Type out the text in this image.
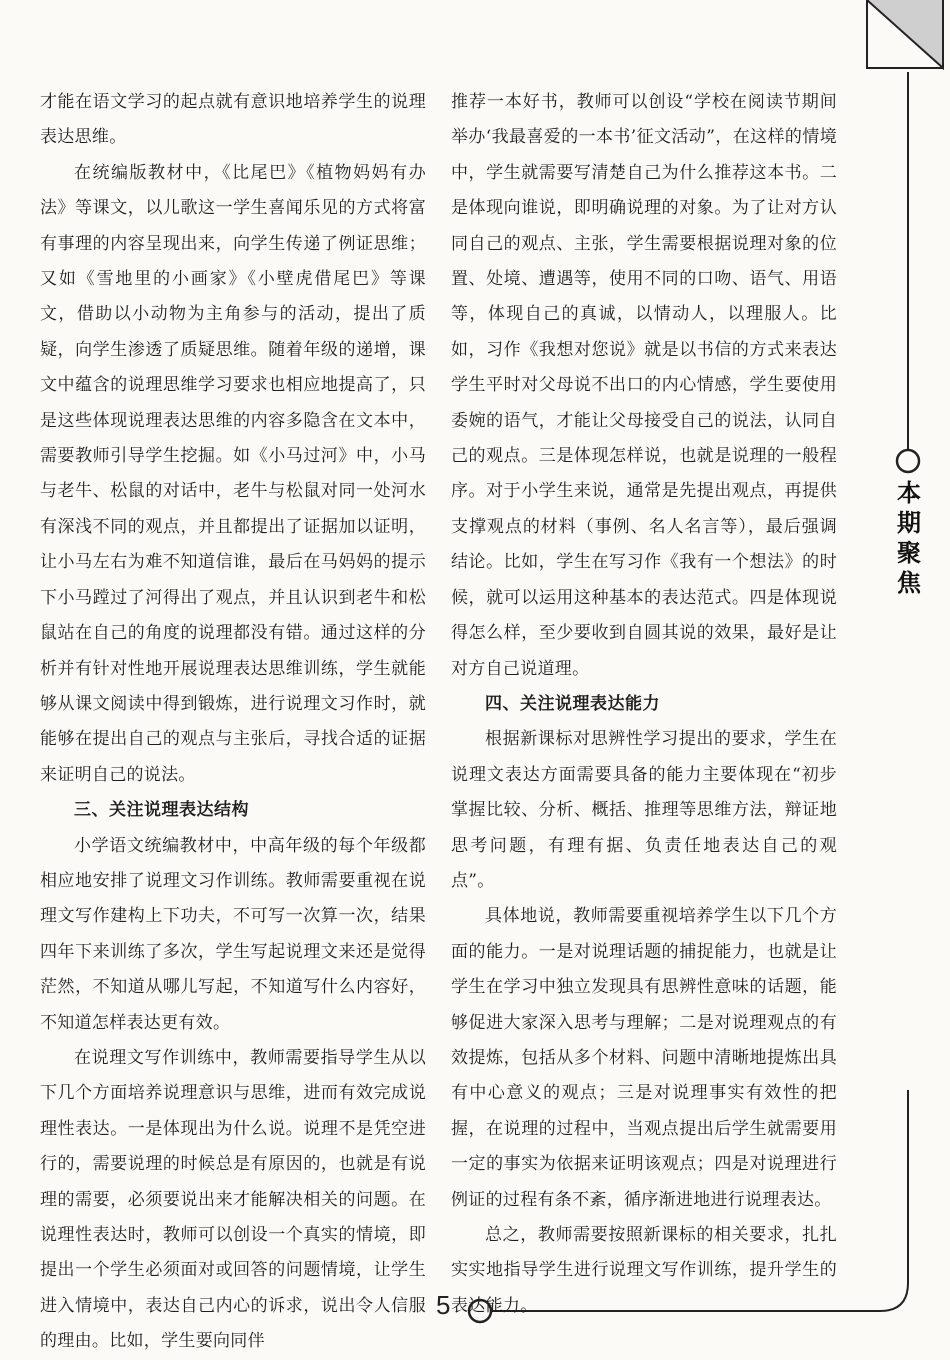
本
期
聚
焦

才能在语文学习的起点就有意识地培养学生的说理表达思维。

在统编版教材中，《比尾巴》《植物妈妈有办法》等课文，以儿歌这一学生喜闻乐见的方式将富有事理的内容呈现出来，向学生传递了例证思维；又如《雪地里的小画家》《小壁虎借尾巴》等课文，借助以小动物为主角参与的活动，提出了质疑，向学生渗透了质疑思维。随着年级的递增，课文中蕴含的说理思维学习要求也相应地提高了，只是这些体现说理表达思维的内容多隐含在文本中，需要教师引导学生挖掘。如《小马过河》中，小马与老牛、松鼠的对话中，老牛与松鼠对同一处河水有深浅不同的观点，并且都提出了证据加以证明，让小马左右为难不知道信谁，最后在马妈妈的提示下小马蹚过了河得出了观点，并且认识到老牛和松鼠站在自己的角度的说理都没有错。通过这样的分析并有针对性地开展说理表达思维训练，学生就能够从课文阅读中得到锻炼，进行说理文习作时，就能够在提出自己的观点与主张后，寻找合适的证据来证明自己的说法。

三、关注说理表达结构

小学语文统编教材中，中高年级的每个年级都相应地安排了说理文习作训练。教师需要重视在说理文写作建构上下功夫，不可写一次算一次，结果四年下来训练了多次，学生写起说理文来还是觉得茫然，不知道从哪儿写起，不知道写什么内容好，不知道怎样表达更有效。

在说理文写作训练中，教师需要指导学生从以下几个方面培养说理意识与思维，进而有效完成说理性表达。一是体现出为什么说。说理不是凭空进行的，需要说理的时候总是有原因的，也就是有说理的需要，必须要说出来才能解决相关的问题。在说理性表达时，教师可以创设一个真实的情境，即提出一个学生必须面对或回答的问题情境，让学生进入情境中，表达自己内心的诉求，说出令人信服的理由。比如，学生要向同伴

推荐一本好书，教师可以创设“学校在阅读节期间举办‘我最喜爱的一本书’征文活动”，在这样的情境中，学生就需要写清楚自己为什么推荐这本书。二是体现向谁说，即明确说理的对象。为了让对方认同自己的观点、主张，学生需要根据说理对象的位置、处境、遭遇等，使用不同的口吻、语气、用语等，体现自己的真诚，以情动人，以理服人。比如，习作《我想对您说》就是以书信的方式来表达学生平时对父母说不出口的内心情感，学生要使用委婉的语气，才能让父母接受自己的说法，认同自己的观点。三是体现怎样说，也就是说理的一般程序。对于小学生来说，通常是先提出观点，再提供支撑观点的材料（事例、名人名言等），最后强调结论。比如，学生在写习作《我有一个想法》的时候，就可以运用这种基本的表达范式。四是体现说得怎么样，至少要收到自圆其说的效果，最好是让对方自己说道理。

四、关注说理表达能力

根据新课标对思辨性学习提出的要求，学生在说理文表达方面需要具备的能力主要体现在“初步掌握比较、分析、概括、推理等思维方法，辩证地思考问题，有理有据、负责任地表达自己的观点”。

具体地说，教师需要重视培养学生以下几个方面的能力。一是对说理话题的捕捉能力，也就是让学生在学习中独立发现具有思辨性意味的话题，能够促进大家深入思考与理解；二是对说理观点的有效提炼，包括从多个材料、问题中清晰地提炼出具有中心意义的观点；三是对说理事实有效性的把握，在说理的过程中，当观点提出后学生就需要用一定的事实为依据来证明该观点；四是对说理进行例证的过程有条不紊，循序渐进地进行说理表达。

总之，教师需要按照新课标的相关要求，扎扎实实地指导学生进行说理文写作训练，提升学生的表达能力。

5
